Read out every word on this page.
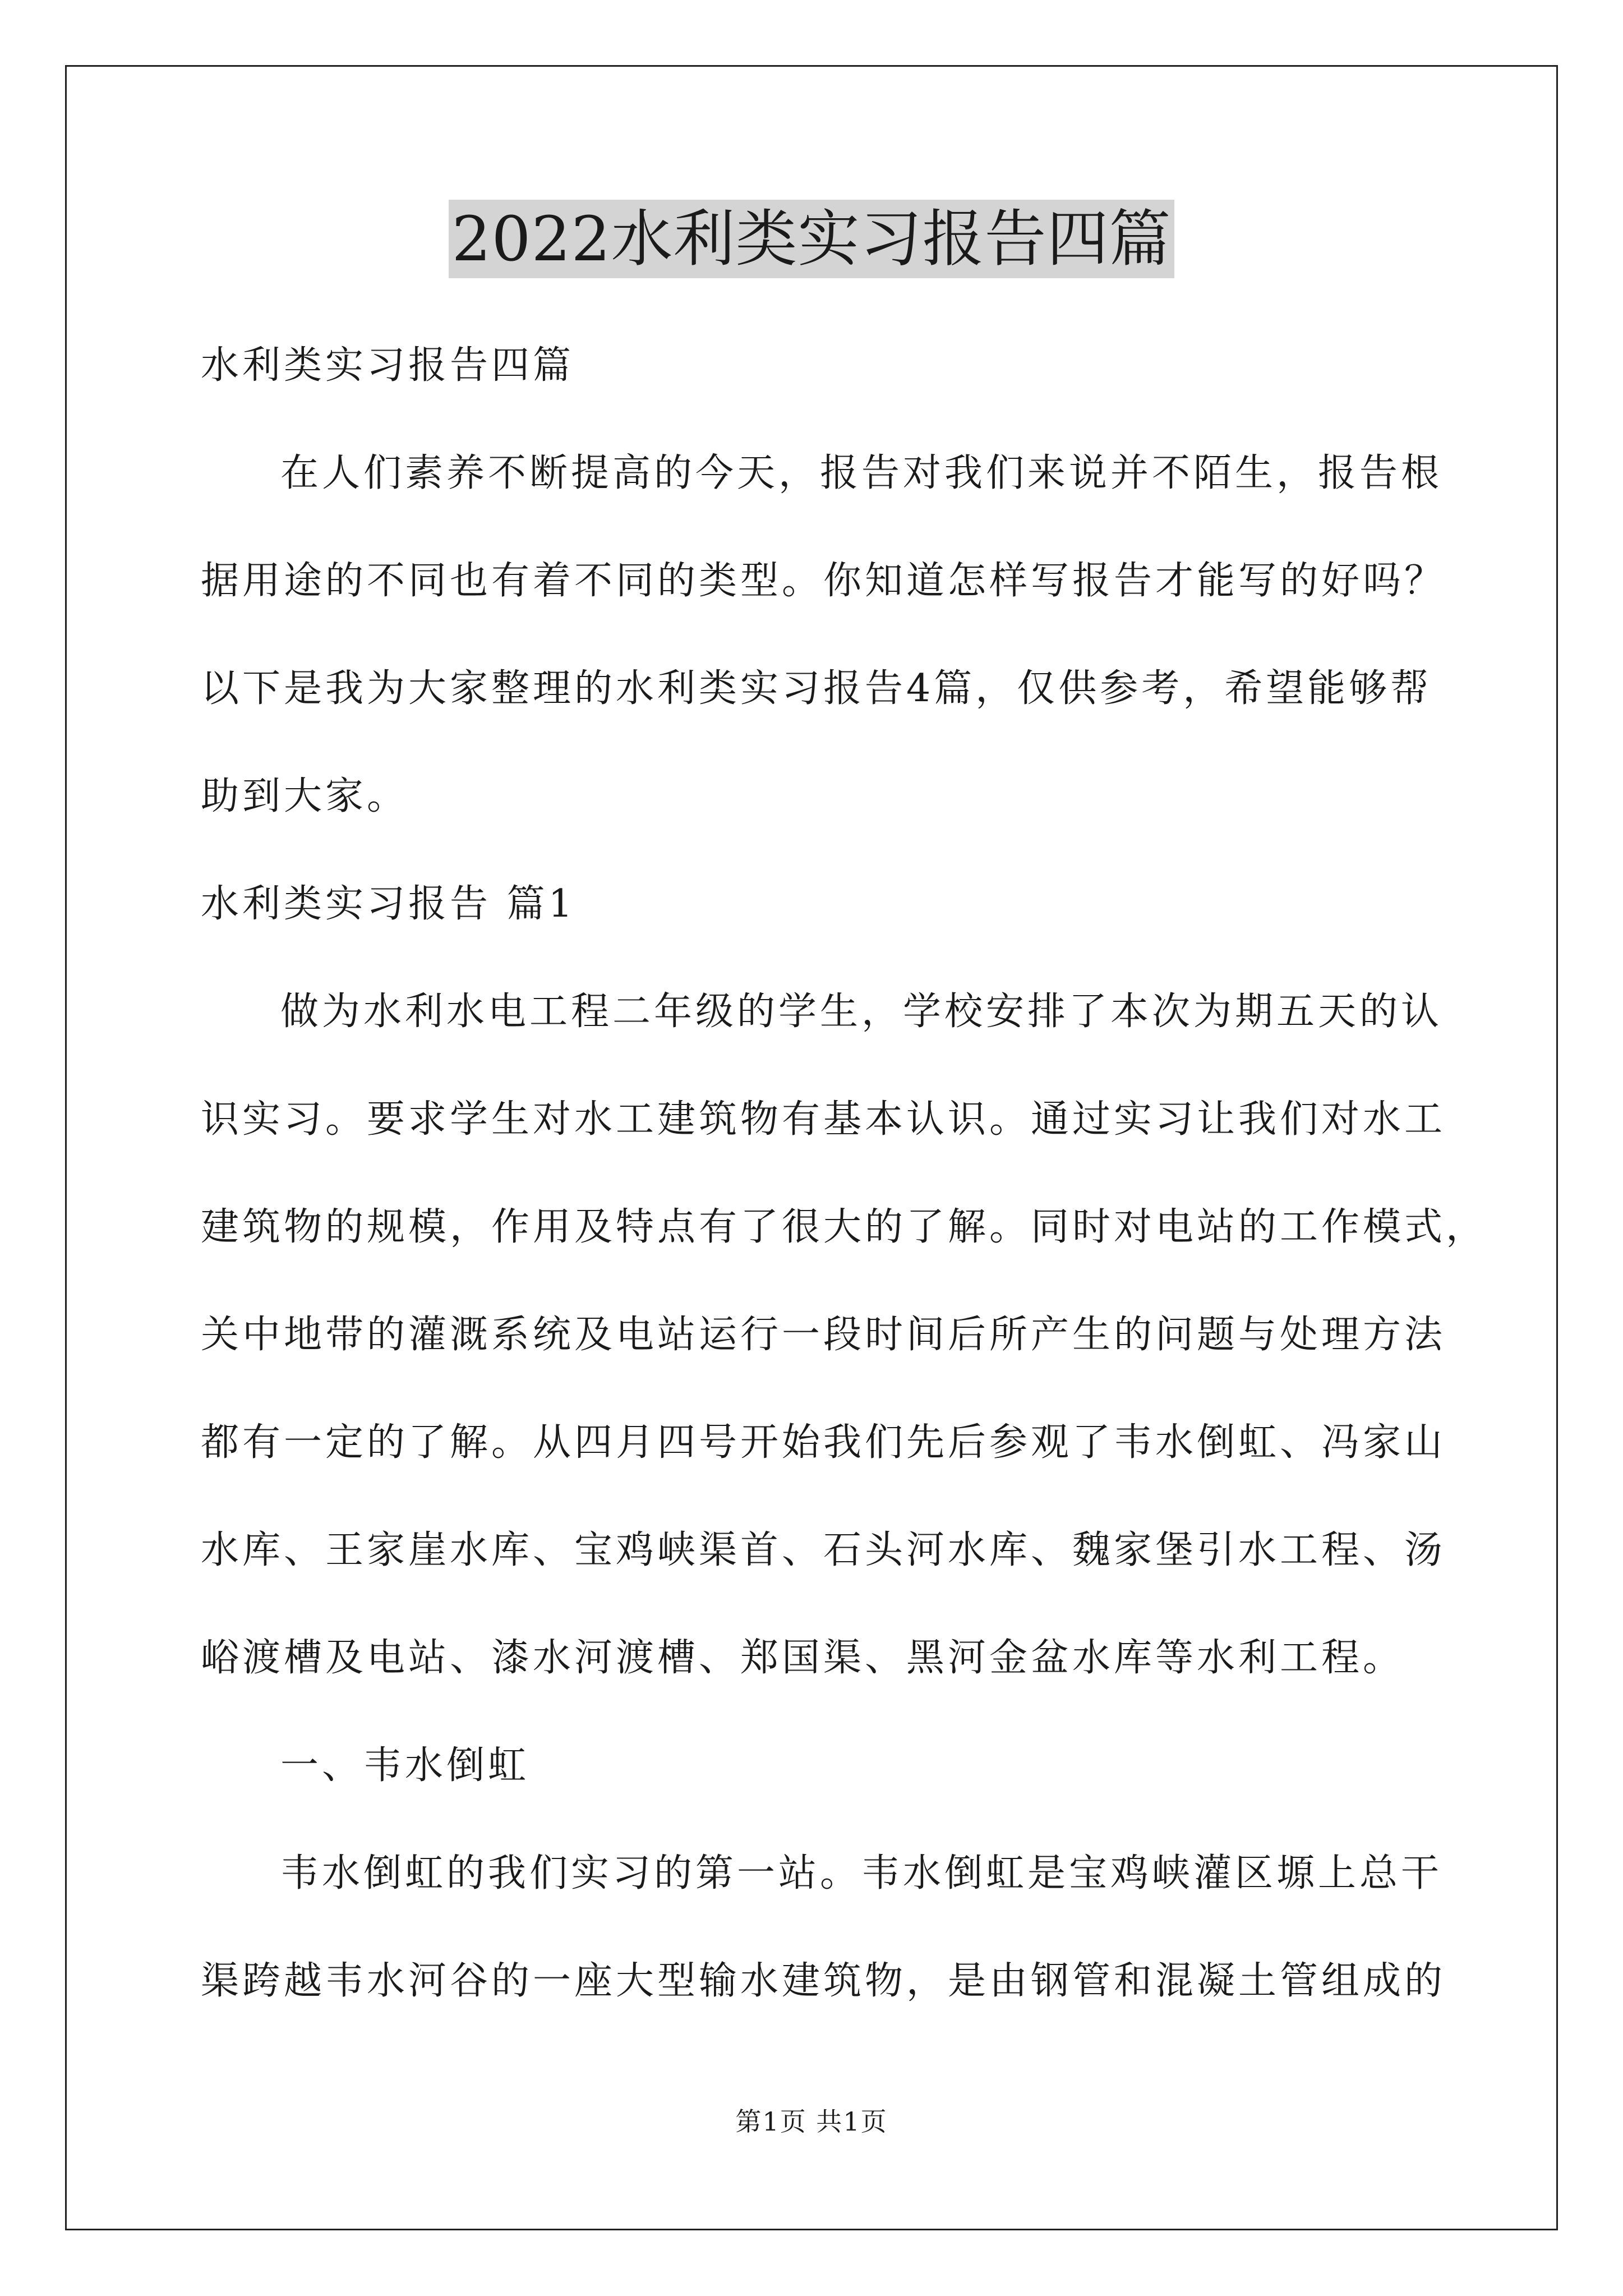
2022水利类实习报告四篇

水利类实习报告四篇

在人们素养不断提高的今天，报告对我们来说并不陌生，报告根

据用途的不同也有着不同的类型。你知道怎样写报告才能写的好吗？

以下是我为大家整理的水利类实习报告4篇，仅供参考，希望能够帮

助到大家。

水利类实习报告 篇1

做为水利水电工程二年级的学生，学校安排了本次为期五天的认

识实习。要求学生对水工建筑物有基本认识。通过实习让我们对水工

建筑物的规模，作用及特点有了很大的了解。同时对电站的工作模式，

关中地带的灌溉系统及电站运行一段时间后所产生的问题与处理方法

都有一定的了解。从四月四号开始我们先后参观了韦水倒虹、冯家山

水库、王家崖水库、宝鸡峡渠首、石头河水库、魏家堡引水工程、汤

峪渡槽及电站、漆水河渡槽、郑国渠、黑河金盆水库等水利工程。

一、韦水倒虹

韦水倒虹的我们实习的第一站。韦水倒虹是宝鸡峡灌区塬上总干

渠跨越韦水河谷的一座大型输水建筑物，是由钢管和混凝土管组成的

第1页 共1页
